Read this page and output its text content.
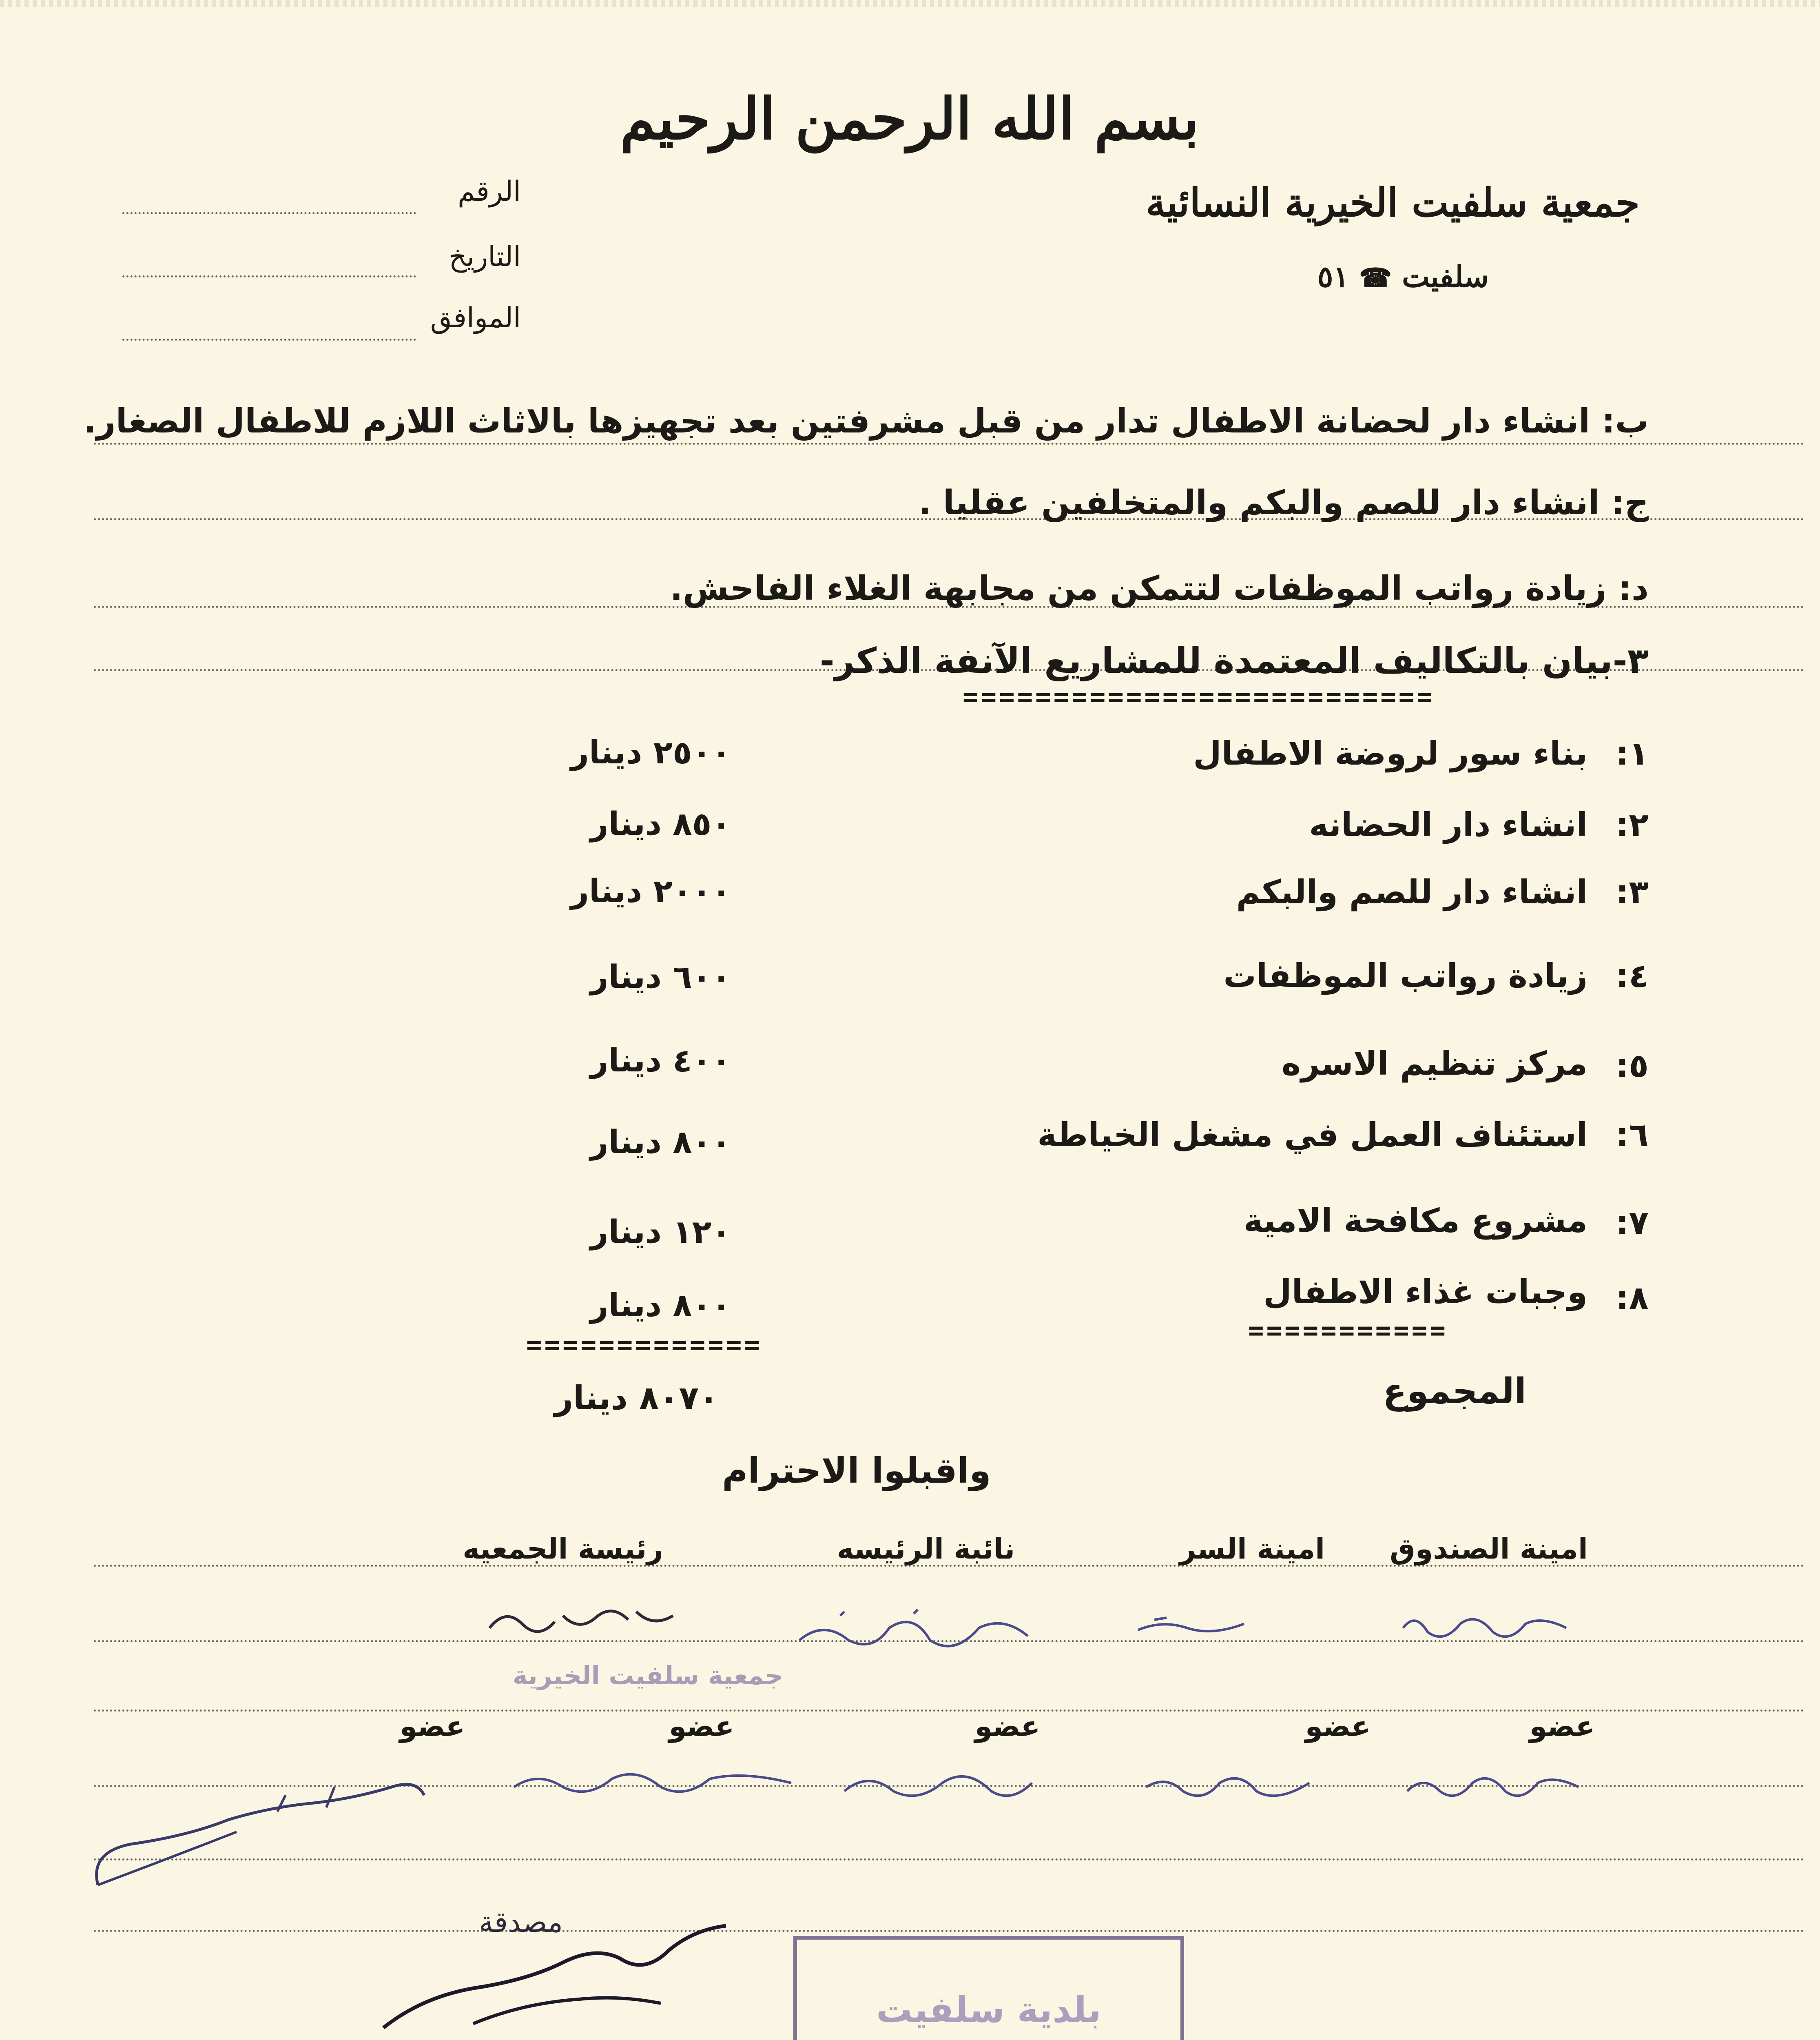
بسم الله الرحمن الرحيم
جمعية سلفيت الخيرية النسائية
سلفيت ☎ ٥١
الرقم
التاريخ
الموافق
ب: انشاء دار لحضانة الاطفال تدار من قبل مشرفتين بعد تجهيزها بالاثاث اللازم للاطفال الصغار.
ج: انشاء دار للصم والبكم والمتخلفين عقليا .
د: زيادة رواتب الموظفات لتتمكن من مجابهة الغلاء الفاحش.
٣-بيان بالتكاليف المعتمدة للمشاريع الآنفة الذكر-
==========================
١:
بناء سور لروضة الاطفال
٢٥٠٠ دينار
٢:
انشاء دار الحضانه
٨٥٠ دينار
٣:
انشاء دار للصم والبكم
٢٠٠٠ دينار
٤:
زيادة رواتب الموظفات
٦٠٠ دينار
٥:
مركز تنظيم الاسره
٤٠٠ دينار
٦:
استئناف العمل في مشغل الخياطة
٨٠٠ دينار
٧:
مشروع مكافحة الامية
١٢٠ دينار
٨:
وجبات غذاء الاطفال
٨٠٠ دينار
===========
=============
المجموع
٨٠٧٠ دينار
واقبلوا الاحترام
امينة الصندوق
امينة السر
نائبة الرئيسه
رئيسة الجمعيه
جمعية سلفيت الخيرية
عضو
عضو
عضو
عضو
عضو
مصدقة
بلدية سلفيت
